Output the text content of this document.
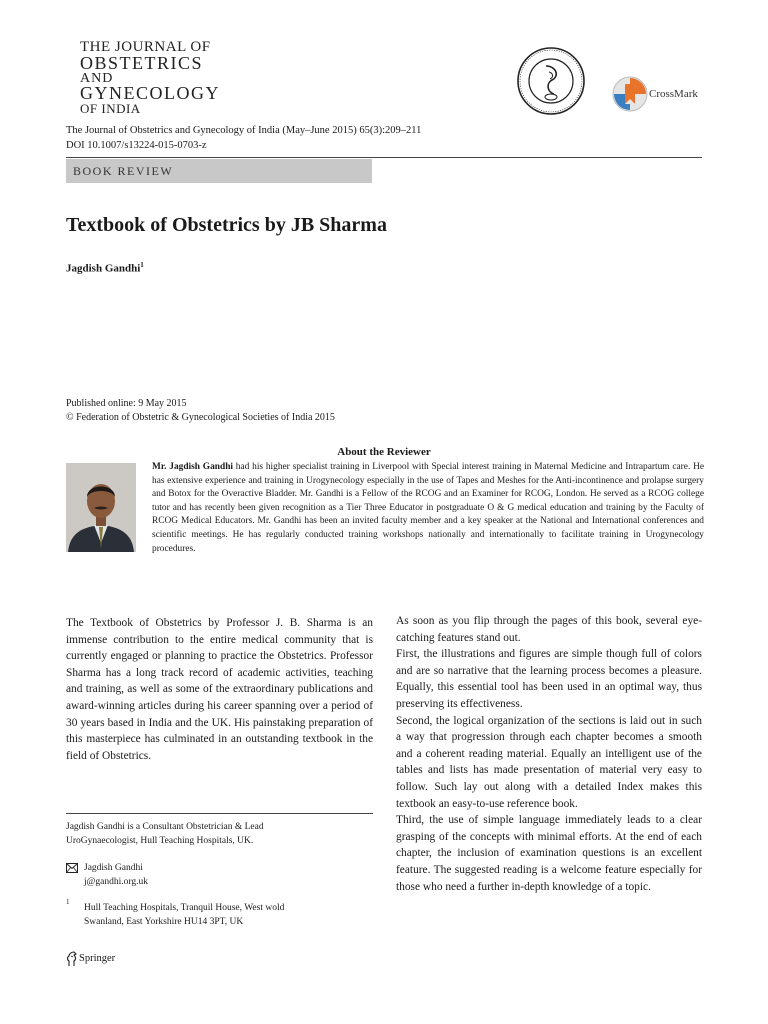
THE JOURNAL OF
OBSTETRICS
AND
GYNECOLOGY
OF INDIA
CrossMark
The Journal of Obstetrics and Gynecology of India (May–June 2015) 65(3):209–211
DOI 10.1007/s13224-015-0703-z
BOOK REVIEW
Textbook of Obstetrics by JB Sharma
Jagdish Gandhi$^1$
Published online: 9 May 2015
© Federation of Obstetric & Gynecological Societies of India 2015
About the Reviewer
Mr. Jagdish Gandhi had his higher specialist training in Liverpool with Special interest training in Maternal Medicine and Intrapartum care. He has extensive experience and training in Urogynecology especially in the use of Tapes and Meshes for the Anti-incontinence and prolapse surgery and Botox for the Overactive Bladder. Mr. Gandhi is a Fellow of the RCOG and an Examiner for RCOG, London. He served as a RCOG college tutor and has recently been given recognition as a Tier Three Educator in postgraduate O & G medical education and training by the Faculty of RCOG Medical Educators. Mr. Gandhi has been an invited faculty member and a key speaker at the National and International conferences and scientific meetings. He has regularly conducted training workshops nationally and internationally to facilitate training in Urogynecology procedures.

The Textbook of Obstetrics by Professor J. B. Sharma is an immense contribution to the entire medical community that is currently engaged or planning to practice the Obstetrics. Professor Sharma has a long track record of academic activities, teaching and training, as well as some of the extraordinary publications and award-winning articles during his career spanning over a period of 30 years based in India and the UK. His painstaking preparation of this masterpiece has culminated in an outstanding textbook in the field of Obstetrics.

As soon as you flip through the pages of this book, several eye-catching features stand out.

First, the illustrations and figures are simple though full of colors and are so narrative that the learning process becomes a pleasure. Equally, this essential tool has been used in an optimal way, thus preserving its effectiveness.

Second, the logical organization of the sections is laid out in such a way that progression through each chapter becomes a smooth and a coherent reading material. Equally an intelligent use of the tables and lists has made presentation of material very easy to follow. Such lay out along with a detailed Index makes this textbook an easy-to-use reference book.

Third, the use of simple language immediately leads to a clear grasping of the concepts with minimal efforts. At the end of each chapter, the inclusion of examination questions is an excellent feature. The suggested reading is a welcome feature especially for those who need a further in-depth knowledge of a topic.

Jagdish Gandhi is a Consultant Obstetrician & Lead
UroGynaecologist, Hull Teaching Hospitals, UK.
Jagdish Gandhi
j@gandhi.org.uk
1
Hull Teaching Hospitals, Tranquil House, West wold
Swanland, East Yorkshire HU14 3PT, UK
Springer
